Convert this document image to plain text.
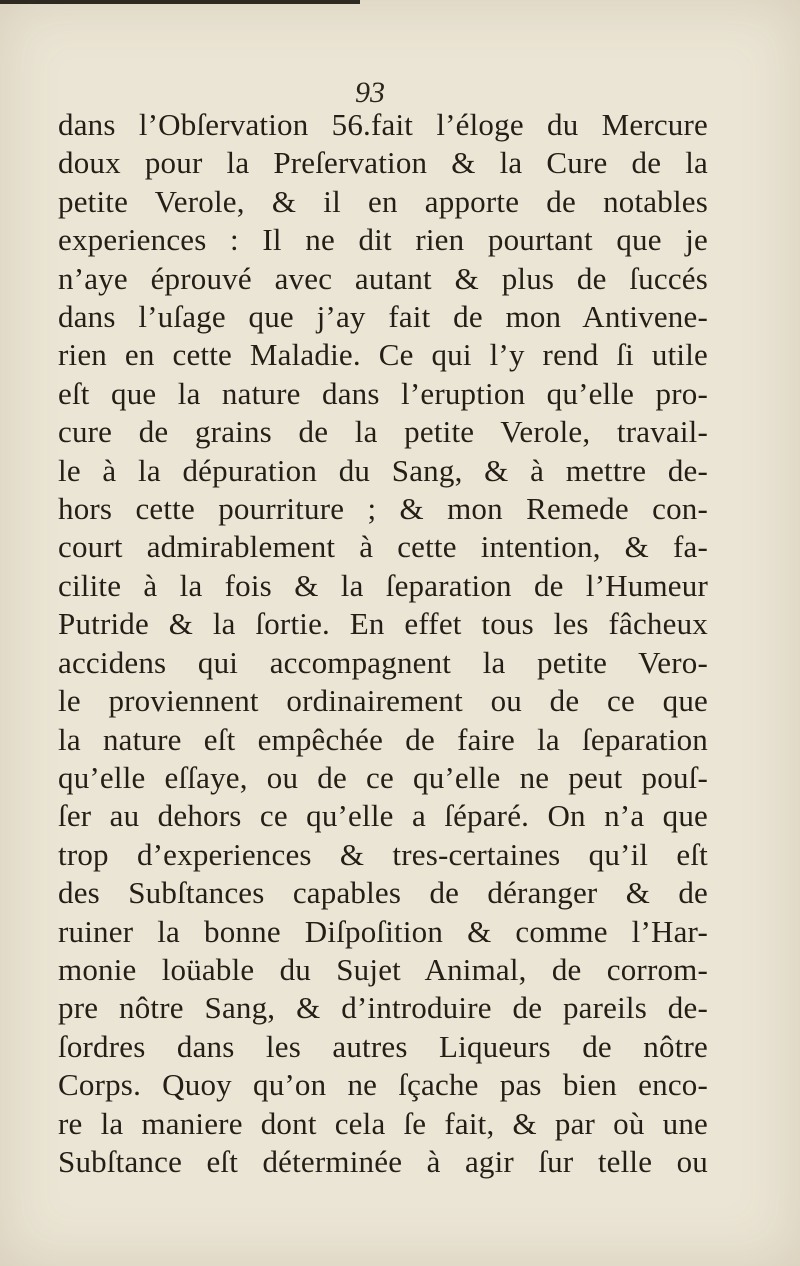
93
dans l’Obſervation 56.fait l’éloge du Mercure
doux pour la Preſervation & la Cure de la
petite Verole, & il en apporte de notables
experiences : Il ne dit rien pourtant que je
n’aye éprouvé avec autant & plus de ſuccés
dans l’uſage que j’ay fait de mon Antivene-
rien en cette Maladie. Ce qui l’y rend ſi utile
eſt que la nature dans l’eruption qu’elle pro-
cure de grains de la petite Verole, travail-
le à la dépuration du Sang, & à mettre de-
hors cette pourriture ; & mon Remede con-
court admirablement à cette intention, & fa-
cilite à la fois & la ſeparation de l’Humeur
Putride & la ſortie. En effet tous les fâcheux
accidens qui accompagnent la petite Vero-
le proviennent ordinairement ou de ce que
la nature eſt empêchée de faire la ſeparation
qu’elle eſſaye, ou de ce qu’elle ne peut pouſ-
ſer au dehors ce qu’elle a ſéparé. On n’a que
trop d’experiences & tres-certaines qu’il eſt
des Subſtances capables de déranger & de
ruiner la bonne Diſpoſition & comme l’Har-
monie loüable du Sujet Animal, de corrom-
pre nôtre Sang, & d’introduire de pareils de-
ſordres dans les autres Liqueurs de nôtre
Corps. Quoy qu’on ne ſçache pas bien enco-
re la maniere dont cela ſe fait, & par où une
Subſtance eſt déterminée à agir ſur telle ou
